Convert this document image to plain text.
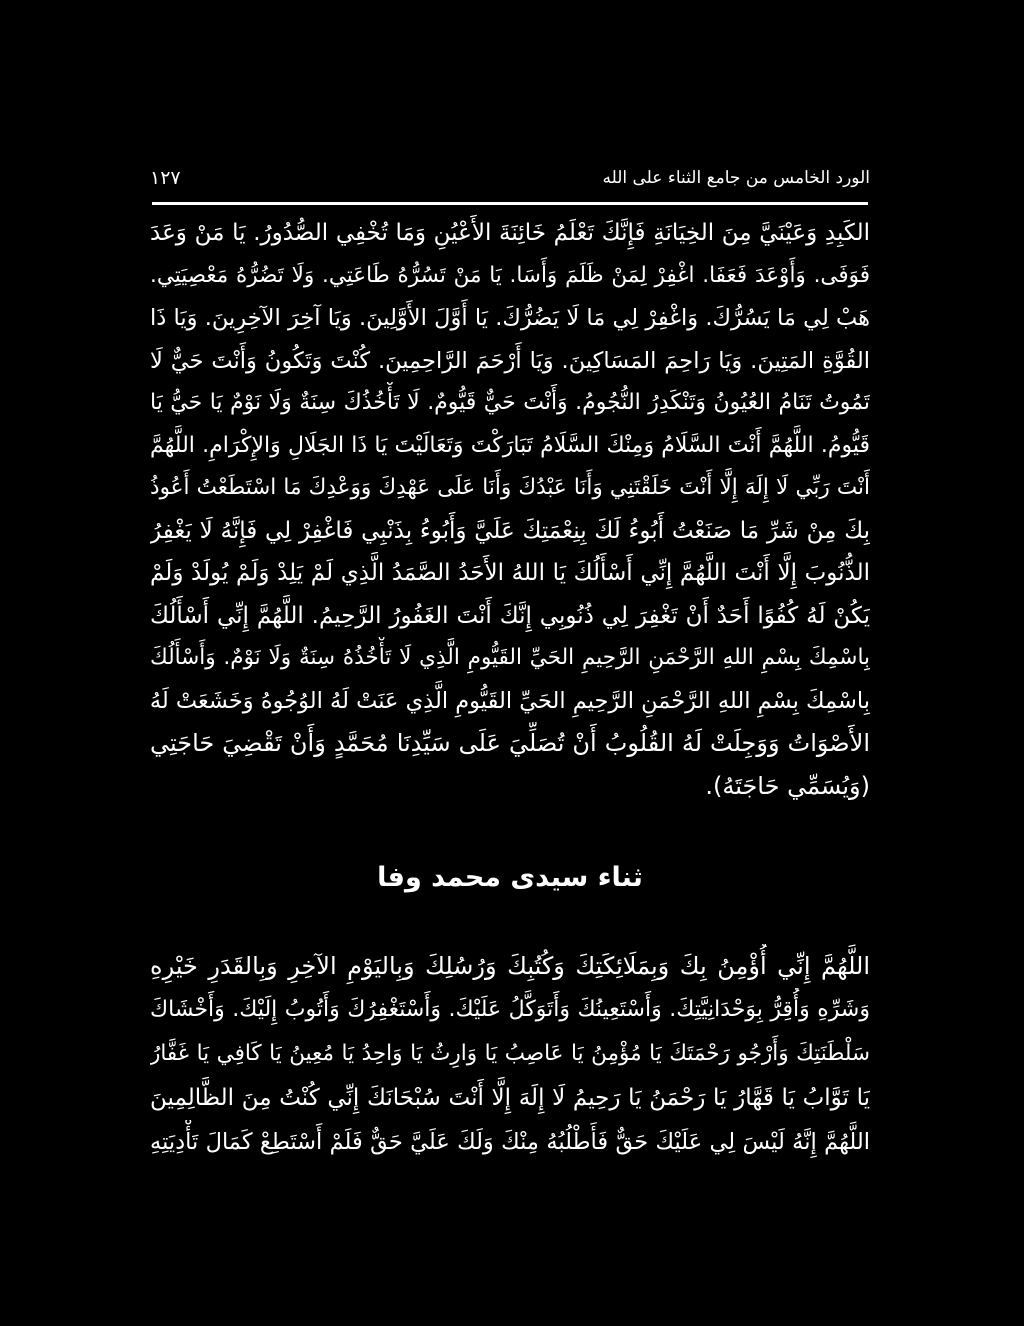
الورد الخامس من جامع الثناء على الله
١٢٧
الكَبِدِ وَعَيْنَيَّ مِنَ الخِيَانَةِ فَإِنَّكَ تَعْلَمُ خَائِنَةَ الأَعْيُنِ وَمَا تُخْفِي الصُّدُورُ. يَا مَنْ وَعَدَ
فَوَفَى. وَأَوْعَدَ فَعَفَا. اغْفِرْ لِمَنْ ظَلَمَ وَأَسَا. يَا مَنْ تَسُرُّهُ طَاعَتِي. وَلَا تَضُرُّهُ مَعْصِيَتِي.
هَبْ لِي مَا يَسُرُّكَ. وَاغْفِرْ لِي مَا لَا يَضُرُّكَ. يَا أَوَّلَ الأَوَّلِينَ. وَيَا آخِرَ الآخِرِينَ. وَيَا ذَا
القُوَّةِ المَتِينَ. وَيَا رَاحِمَ المَسَاكِينَ. وَيَا أَرْحَمَ الرَّاحِمِينَ. كُنْتَ وَتَكُونُ وَأَنْتَ حَيٌّ لَا
تَمُوتُ تَنَامُ العُيُونُ وَتَنْكَدِرُ النُّجُومُ. وَأَنْتَ حَيٌّ قَيُّومٌ. لَا تَأْخُذُكَ سِنَةٌ وَلَا نَوْمٌ يَا حَيُّ يَا
قَيُّومُ. اللَّهُمَّ أَنْتَ السَّلَامُ وَمِنْكَ السَّلَامُ تَبَارَكْتَ وَتَعَالَيْتَ يَا ذَا الجَلَالِ وَالإِكْرَامِ. اللَّهُمَّ
أَنْتَ رَبِّي لَا إِلَهَ إِلَّا أَنْتَ خَلَقْتَنِي وَأَنَا عَبْدُكَ وَأَنَا عَلَى عَهْدِكَ وَوَعْدِكَ مَا اسْتَطَعْتُ أَعُوذُ
بِكَ مِنْ شَرِّ مَا صَنَعْتُ أَبُوءُ لَكَ بِنِعْمَتِكَ عَلَيَّ وَأَبُوءُ بِذَنْبِي فَاغْفِرْ لِي فَإِنَّهُ لَا يَغْفِرُ
الذُّنُوبَ إِلَّا أَنْتَ اللَّهُمَّ إِنِّي أَسْأَلُكَ يَا اللهُ الأَحَدُ الصَّمَدُ الَّذِي لَمْ يَلِدْ وَلَمْ يُولَدْ وَلَمْ
يَكُنْ لَهُ كُفُوًا أَحَدٌ أَنْ تَغْفِرَ لِي ذُنُوبِي إِنَّكَ أَنْتَ الغَفُورُ الرَّحِيمُ. اللَّهُمَّ إِنِّي أَسْأَلُكَ
بِاسْمِكَ بِسْمِ اللهِ الرَّحْمَنِ الرَّحِيمِ الحَيِّ القَيُّومِ الَّذِي لَا تَأْخُذُهُ سِنَةٌ وَلَا نَوْمٌ. وَأَسْأَلُكَ
بِاسْمِكَ بِسْمِ اللهِ الرَّحْمَنِ الرَّحِيمِ الحَيِّ القَيُّومِ الَّذِي عَنَتْ لَهُ الوُجُوهُ وَخَشَعَتْ لَهُ
الأَصْوَاتُ وَوَجِلَتْ لَهُ القُلُوبُ أَنْ تُصَلِّيَ عَلَى سَيِّدِنَا مُحَمَّدٍ وَأَنْ تَقْضِيَ حَاجَتِي
(وَيُسَمِّي حَاجَتَهُ).
ثناء سيدى محمد وفا
اللَّهُمَّ إِنِّي أُؤْمِنُ بِكَ وَبِمَلَائِكَتِكَ وَكُتُبِكَ وَرُسُلِكَ وَبِاليَوْمِ الآخِرِ وَبِالقَدَرِ خَيْرِهِ
وَشَرِّهِ وَأُقِرُّ بِوَحْدَانِيَّتِكَ. وَأَسْتَعِينُكَ وَأَتَوَكَّلُ عَلَيْكَ. وَأَسْتَغْفِرُكَ وَأَتُوبُ إِلَيْكَ. وَأَخْشَاكَ
سَلْطَنَتِكَ وَأَرْجُو رَحْمَتَكَ يَا مُؤْمِنُ يَا عَاصِبُ يَا وَارِثُ يَا وَاحِدُ يَا مُعِينُ يَا كَافِي يَا غَفَّارُ
يَا تَوَّابُ يَا قَهَّارُ يَا رَحْمَنُ يَا رَحِيمُ لَا إِلَهَ إِلَّا أَنْتَ سُبْحَانَكَ إِنِّي كُنْتُ مِنَ الظَّالِمِينَ
اللَّهُمَّ إِنَّهُ لَيْسَ لِي عَلَيْكَ حَقٌّ فَأَطْلُبُهُ مِنْكَ وَلَكَ عَلَيَّ حَقٌّ فَلَمْ أَسْتَطِعْ كَمَالَ تَأْدِيَتِهِ
